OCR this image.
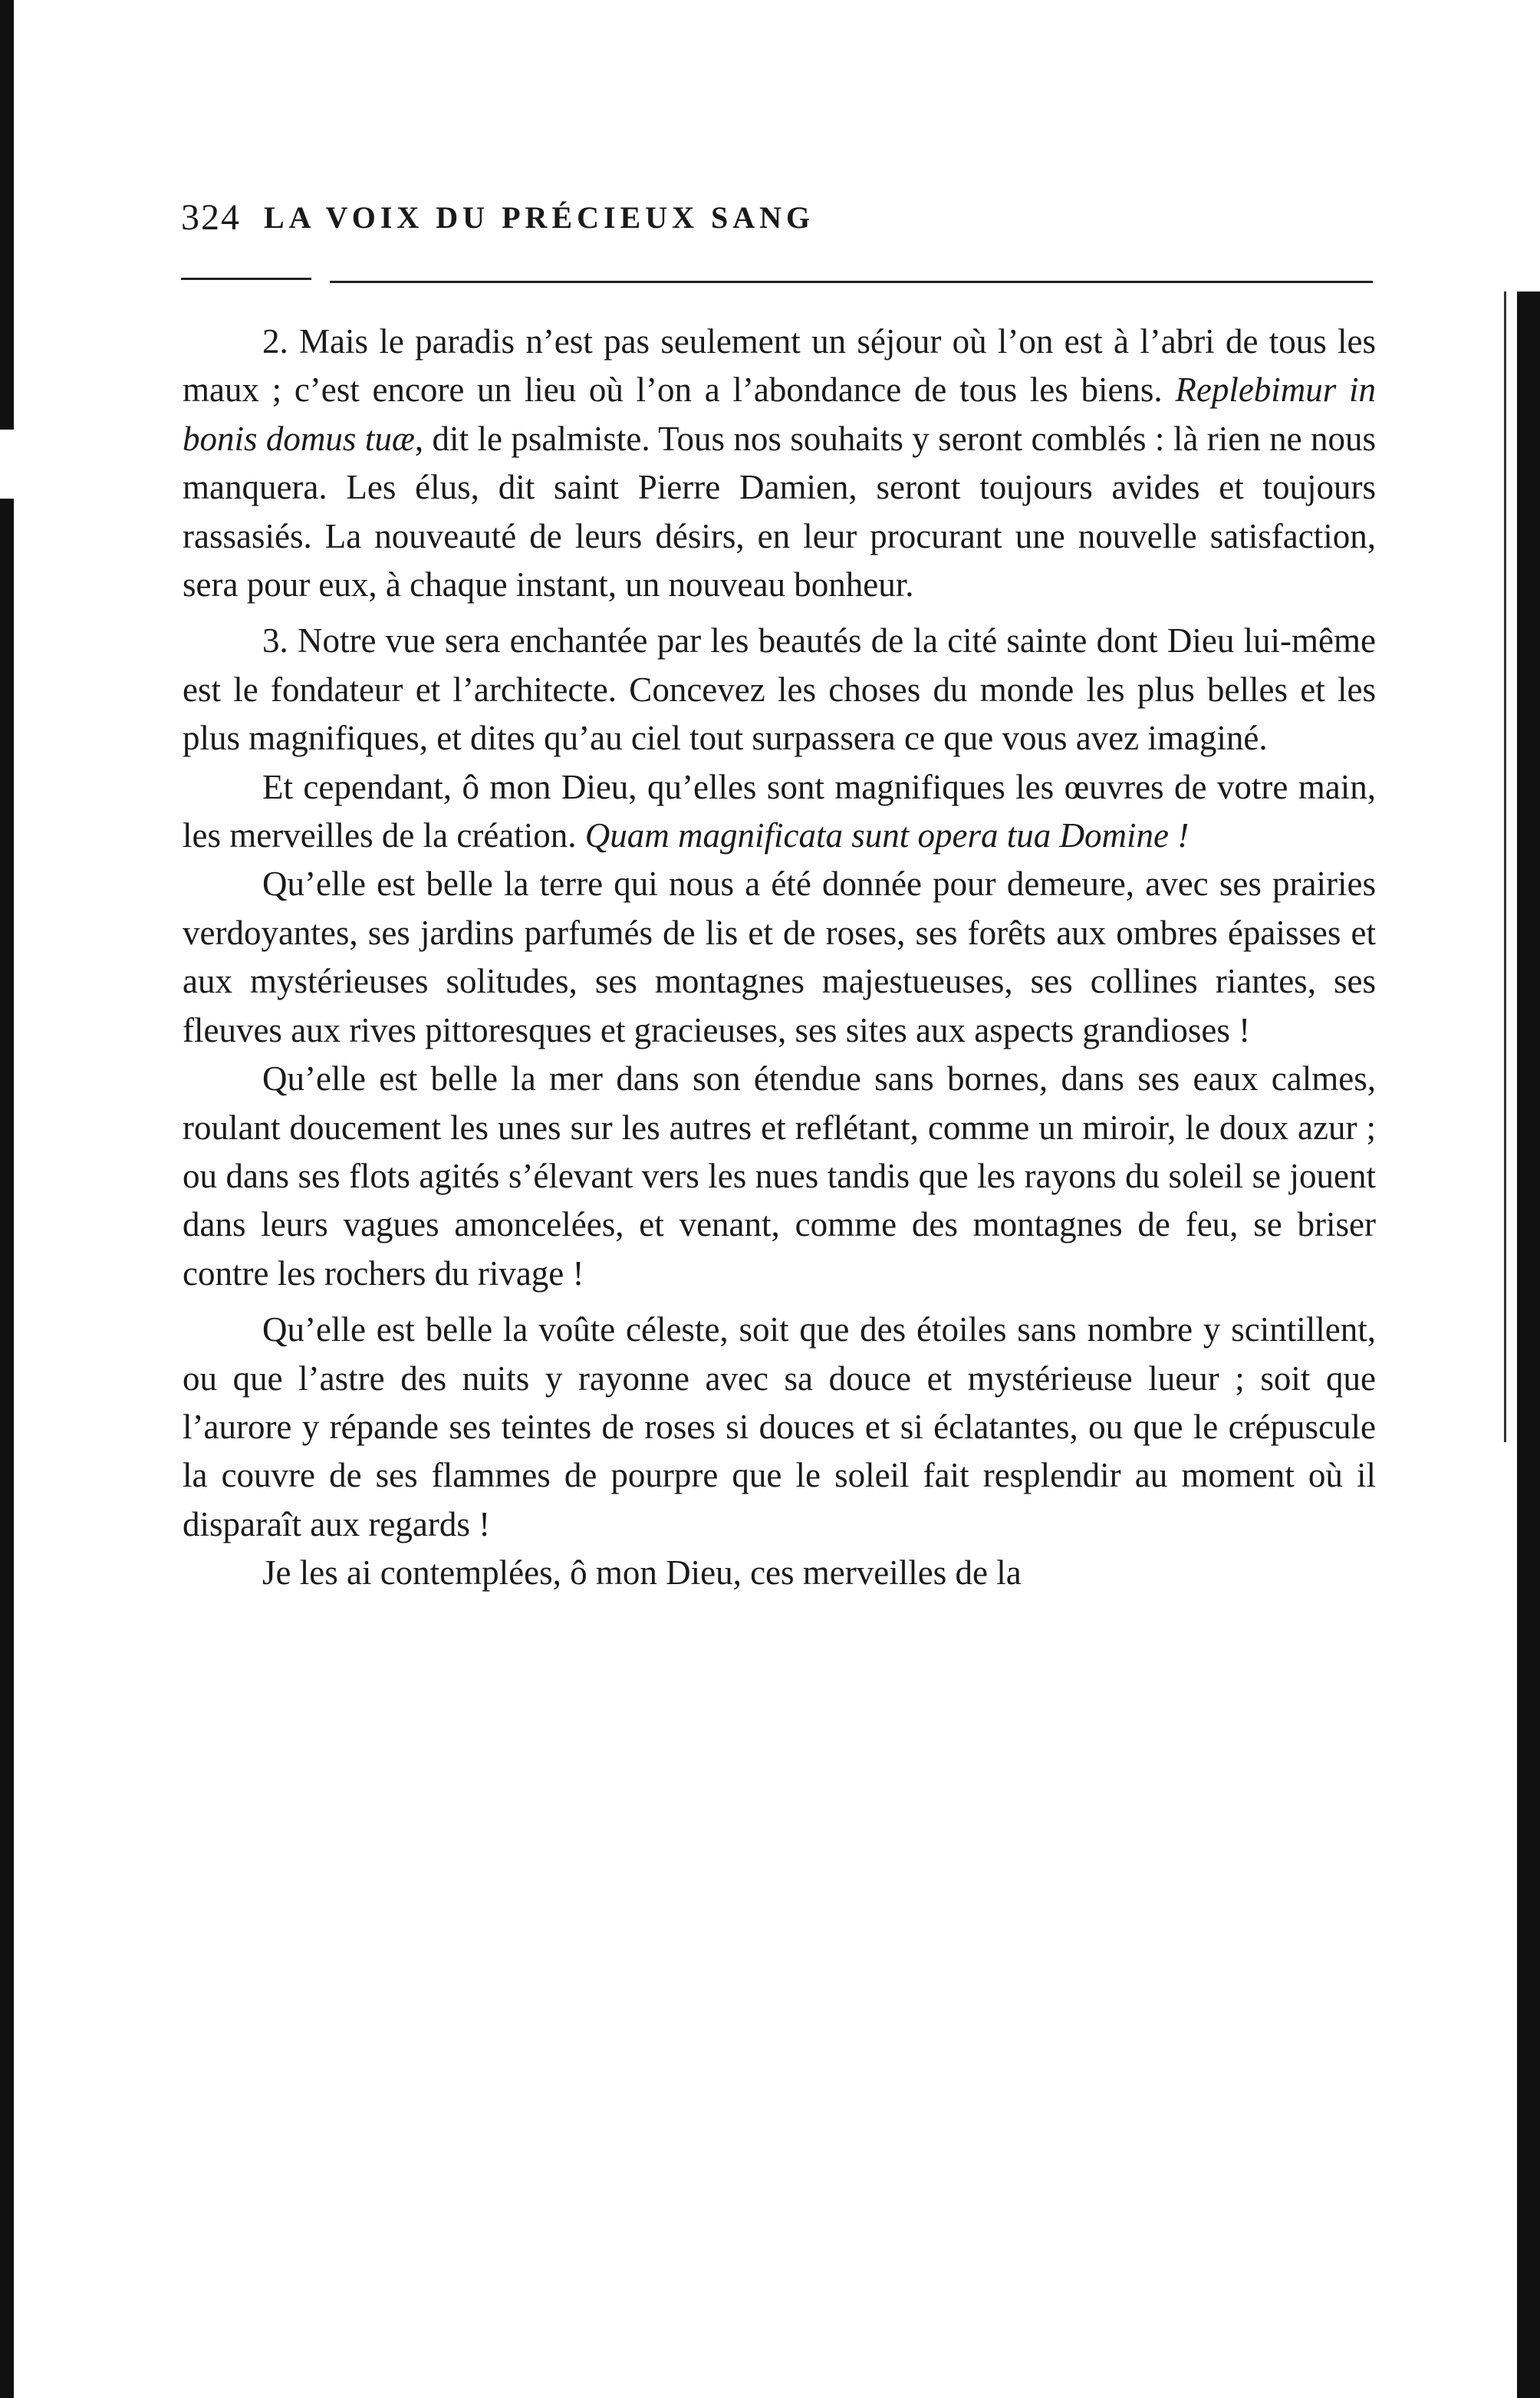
324 LA VOIX DU PRÉCIEUX SANG

2. Mais le paradis n’est pas seulement un séjour où l’on est à l’abri de tous les maux ; c’est encore un lieu où l’on a l’abondance de tous les biens. Replebimur in bonis domus tuæ, dit le psalmiste. Tous nos souhaits y seront comblés : là rien ne nous manquera. Les élus, dit saint Pierre Damien, seront toujours avides et toujours rassasiés. La nouveauté de leurs désirs, en leur procurant une nouvelle satisfaction, sera pour eux, à chaque instant, un nouveau bonheur.

3. Notre vue sera enchantée par les beautés de la cité sainte dont Dieu lui-même est le fondateur et l’architecte. Concevez les choses du monde les plus belles et les plus magnifiques, et dites qu’au ciel tout surpassera ce que vous avez imaginé.

Et cependant, ô mon Dieu, qu’elles sont magnifiques les œuvres de votre main, les merveilles de la création. Quam magnificata sunt opera tua Domine !

Qu’elle est belle la terre qui nous a été donnée pour demeure, avec ses prairies verdoyantes, ses jardins parfumés de lis et de roses, ses forêts aux ombres épaisses et aux mystérieuses solitudes, ses montagnes majestueuses, ses collines riantes, ses fleuves aux rives pittoresques et gracieuses, ses sites aux aspects grandioses !

Qu’elle est belle la mer dans son étendue sans bornes, dans ses eaux calmes, roulant doucement les unes sur les autres et reflétant, comme un miroir, le doux azur ; ou dans ses flots agités s’élevant vers les nues tandis que les rayons du soleil se jouent dans leurs vagues amoncelées, et venant, comme des montagnes de feu, se briser contre les rochers du rivage !

Qu’elle est belle la voûte céleste, soit que des étoiles sans nombre y scintillent, ou que l’astre des nuits y rayonne avec sa douce et mystérieuse lueur ; soit que l’aurore y répande ses teintes de roses si douces et si éclatantes, ou que le crépuscule la couvre de ses flammes de pourpre que le soleil fait resplendir au moment où il disparaît aux regards !

Je les ai contemplées, ô mon Dieu, ces merveilles de la
